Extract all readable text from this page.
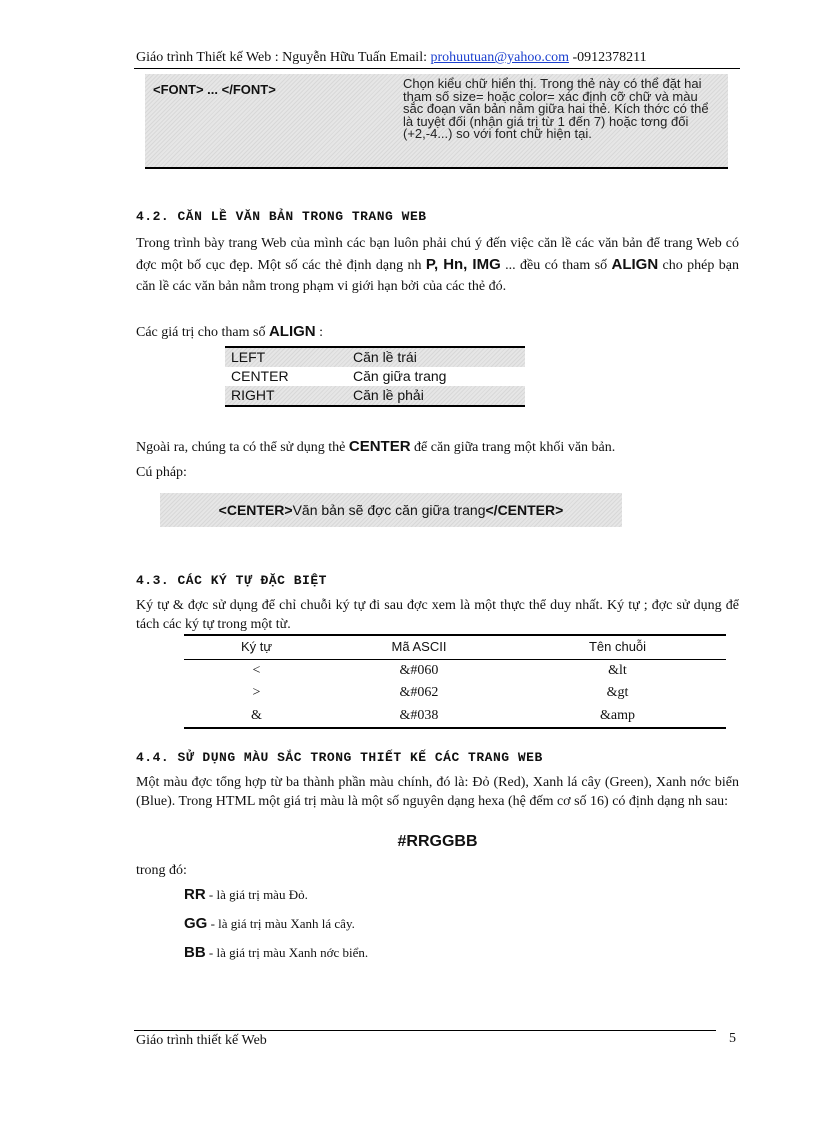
Giáo trình Thiết kế Web : Nguyễn Hữu Tuấn Email: prohuutuan@yahoo.com -0912378211
<FONT> ... </FONT>	Chọn kiểu chữ hiển thị. Trong thẻ này có thể đặt hai tham số size= hoặc color= xác định cỡ chữ và màu sắc đoạn văn bản nằm giữa hai thẻ. Kích thớc có thể là tuyệt đối (nhận giá trị từ 1 đến 7) hoặc tơng đối (+2,-4...) so với font chữ hiện tại.
4.2. CĂN LỀ VĂN BẢN TRONG TRANG WEB
Trong trình bày trang Web của mình các bạn luôn phải chú ý đến việc căn lề các văn bản để trang Web có đợc một bố cục đẹp. Một số các thẻ định dạng nh P, Hn, IMG ... đều có tham số ALIGN cho phép bạn căn lề các văn bản nằm trong phạm vi giới hạn bởi của các thẻ đó.
Các giá trị cho tham số ALIGN :
LEFT	Căn lề trái
CENTER	Căn giữa trang
RIGHT	Căn lề phải
Ngoài ra, chúng ta có thể sử dụng thẻ CENTER để căn giữa trang một khối văn bản.
Cú pháp:
<CENTER>Văn bản sẽ đợc căn giữa trang</CENTER>
4.3. CÁC KÝ TỰ ĐẶC BIỆT
Ký tự & đợc sử dụng để chỉ chuỗi ký tự đi sau đợc xem là một thực thể duy nhất. Ký tự ; đợc sử dụng để tách các ký tự trong một từ.
Ký tự	Mã ASCII	Tên chuỗi
<	&#060	&lt
>	&#062	&gt
&	&#038	&amp
4.4. SỬ DỤNG MÀU SẮC TRONG THIẾT KẾ CÁC TRANG WEB
Một màu đợc tổng hợp từ ba thành phần màu chính, đó là: Đỏ (Red), Xanh lá cây (Green), Xanh nớc biển (Blue). Trong HTML một giá trị màu là một số nguyên dạng hexa (hệ đếm cơ số 16) có định dạng nh sau:
#RRGGBB
trong đó:
RR - là giá trị màu Đỏ.
GG - là giá trị màu Xanh lá cây.
BB - là giá trị màu Xanh nớc biển.
Giáo trình thiết kế Web	5
